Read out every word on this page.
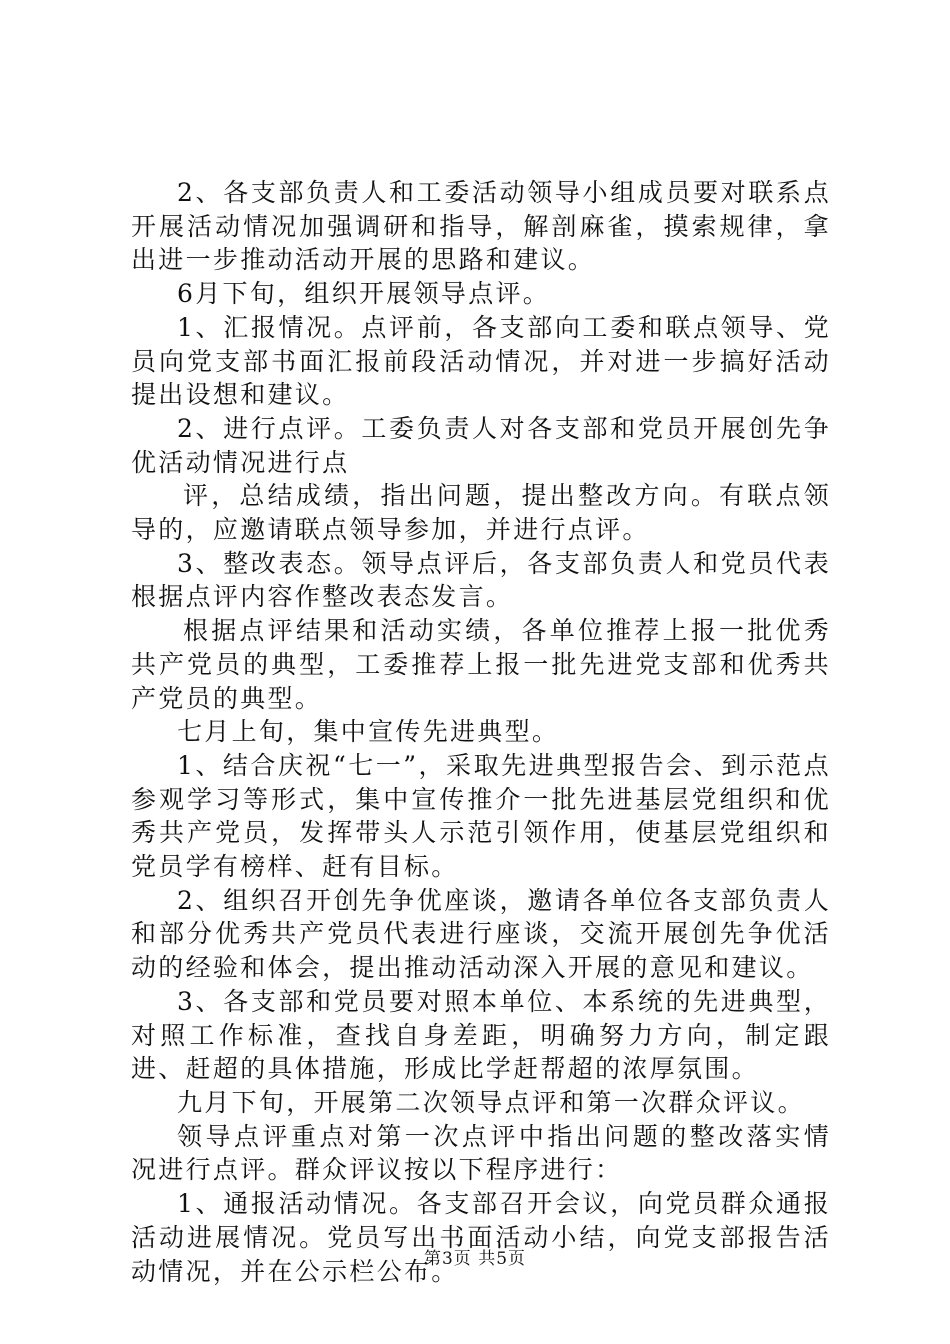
2、各支部负责人和工委活动领导小组成员要对联系点开展活动情况加强调研和指导，解剖麻雀，摸索规律，拿出进一步推动活动开展的思路和建议。

6月下旬，组织开展领导点评。

1、汇报情况。点评前，各支部向工委和联点领导、党员向党支部书面汇报前段活动情况，并对进一步搞好活动提出设想和建议。

2、进行点评。工委负责人对各支部和党员开展创先争优活动情况进行点

评，总结成绩，指出问题，提出整改方向。有联点领导的，应邀请联点领导参加，并进行点评。

3、整改表态。领导点评后，各支部负责人和党员代表根据点评内容作整改表态发言。

根据点评结果和活动实绩，各单位推荐上报一批优秀共产党员的典型，工委推荐上报一批先进党支部和优秀共产党员的典型。

七月上旬，集中宣传先进典型。

1、结合庆祝“七一”，采取先进典型报告会、到示范点参观学习等形式，集中宣传推介一批先进基层党组织和优秀共产党员，发挥带头人示范引领作用，使基层党组织和党员学有榜样、赶有目标。

2、组织召开创先争优座谈，邀请各单位各支部负责人和部分优秀共产党员代表进行座谈，交流开展创先争优活动的经验和体会，提出推动活动深入开展的意见和建议。

3、各支部和党员要对照本单位、本系统的先进典型，对照工作标准，查找自身差距，明确努力方向，制定跟进、赶超的具体措施，形成比学赶帮超的浓厚氛围。

九月下旬，开展第二次领导点评和第一次群众评议。

领导点评重点对第一次点评中指出问题的整改落实情况进行点评。群众评议按以下程序进行：

1、通报活动情况。各支部召开会议，向党员群众通报活动进展情况。党员写出书面活动小结，向党支部报告活动情况，并在公示栏公布。

第3页 共5页
